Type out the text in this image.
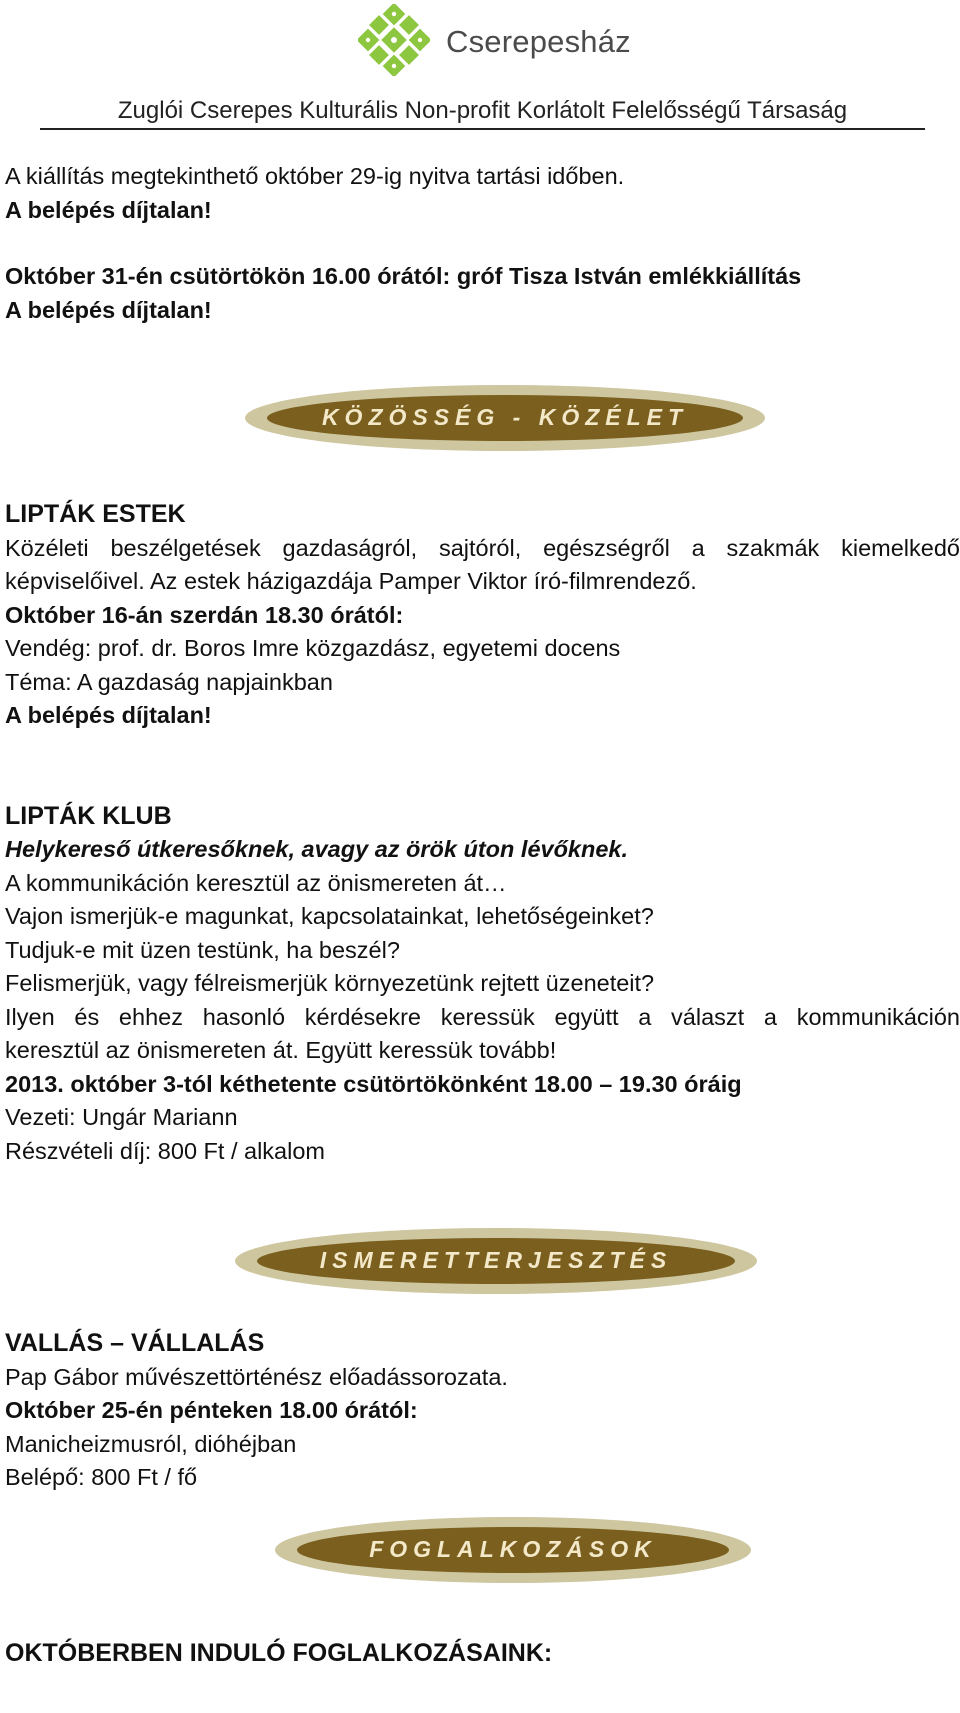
Cserepesház
Zuglói Cserepes Kulturális Non-profit Korlátolt Felelősségű Társaság

A kiállítás megtekinthető október 29-ig nyitva tartási időben.

A belépés díjtalan!

Október 31-én csütörtökön 16.00 órától: gróf Tisza István emlékkiállítás

A belépés díjtalan!

KÖZÖSSÉG - KÖZÉLET

LIPTÁK ESTEK

Közéleti beszélgetések gazdaságról, sajtóról, egészségről a szakmák kiemelkedő

képviselőivel. Az estek házigazdája Pamper Viktor író-filmrendező.

Október 16-án szerdán 18.30 órától:

Vendég: prof. dr. Boros Imre közgazdász, egyetemi docens

Téma: A gazdaság napjainkban

A belépés díjtalan!

LIPTÁK KLUB

Helykereső útkeresőknek, avagy az örök úton lévőknek.

A kommunikáción keresztül az önismereten át…

Vajon ismerjük-e magunkat, kapcsolatainkat, lehetőségeinket?

Tudjuk-e mit üzen testünk, ha beszél?

Felismerjük, vagy félreismerjük környezetünk rejtett üzeneteit?

Ilyen és ehhez hasonló kérdésekre keressük együtt a választ a kommunikáción

keresztül az önismereten át. Együtt keressük tovább!

2013. október 3-tól kéthetente csütörtökönként 18.00 – 19.30 óráig

Vezeti: Ungár Mariann

Részvételi díj: 800 Ft / alkalom

ISMERETTERJESZTÉS

VALLÁS – VÁLLALÁS

Pap Gábor művészettörténész előadássorozata.

Október 25-én pénteken 18.00 órától:

Manicheizmusról, dióhéjban

Belépő: 800 Ft / fő

FOGLALKOZÁSOK

OKTÓBERBEN INDULÓ FOGLALKOZÁSAINK:
